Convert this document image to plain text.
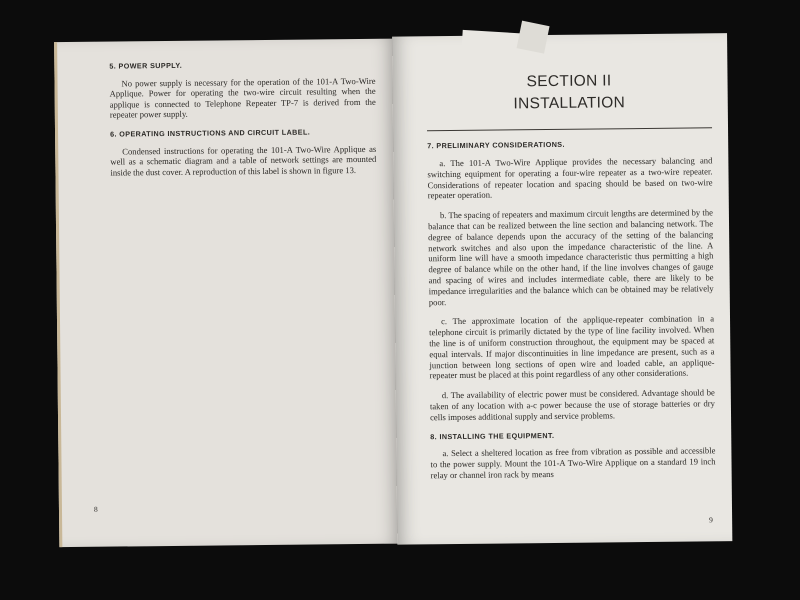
5. POWER SUPPLY.

No power supply is necessary for the operation of the 101-A Two-Wire Applique. Power for operating the two-wire circuit resulting when the applique is connected to Telephone Repeater TP-7 is derived from the repeater power supply.

6. OPERATING INSTRUCTIONS AND CIRCUIT LABEL.

Condensed instructions for operating the 101-A Two-Wire Applique as well as a schematic diagram and a table of network settings are mounted inside the dust cover. A reproduction of this label is shown in figure 13.

8
SECTION II
INSTALLATION
7. PRELIMINARY CONSIDERATIONS.

a. The 101-A Two-Wire Applique provides the necessary balancing and switching equipment for operating a four-wire repeater as a two-wire repeater. Considerations of repeater location and spacing should be based on two-wire repeater operation.

b. The spacing of repeaters and maximum circuit lengths are determined by the balance that can be realized between the line section and balancing network. The degree of balance depends upon the accuracy of the setting of the balancing network switches and also upon the impedance characteristic of the line. A uniform line will have a smooth impedance characteristic thus permitting a high degree of balance while on the other hand, if the line involves changes of gauge and spacing of wires and includes intermediate cable, there are likely to be impedance irregularities and the balance which can be obtained may be relatively poor.

c. The approximate location of the applique-repeater combination in a telephone circuit is primarily dictated by the type of line facility involved. When the line is of uniform construction throughout, the equipment may be spaced at equal intervals. If major discontinuities in line impedance are present, such as a junction between long sections of open wire and loaded cable, an applique-repeater must be placed at this point regardless of any other considerations.

d. The availability of electric power must be considered. Advantage should be taken of any location with a-c power because the use of storage batteries or dry cells imposes additional supply and service problems.

8. INSTALLING THE EQUIPMENT.

a. Select a sheltered location as free from vibration as possible and accessible to the power supply. Mount the 101-A Two-Wire Applique on a standard 19 inch relay or channel iron rack by means

9
